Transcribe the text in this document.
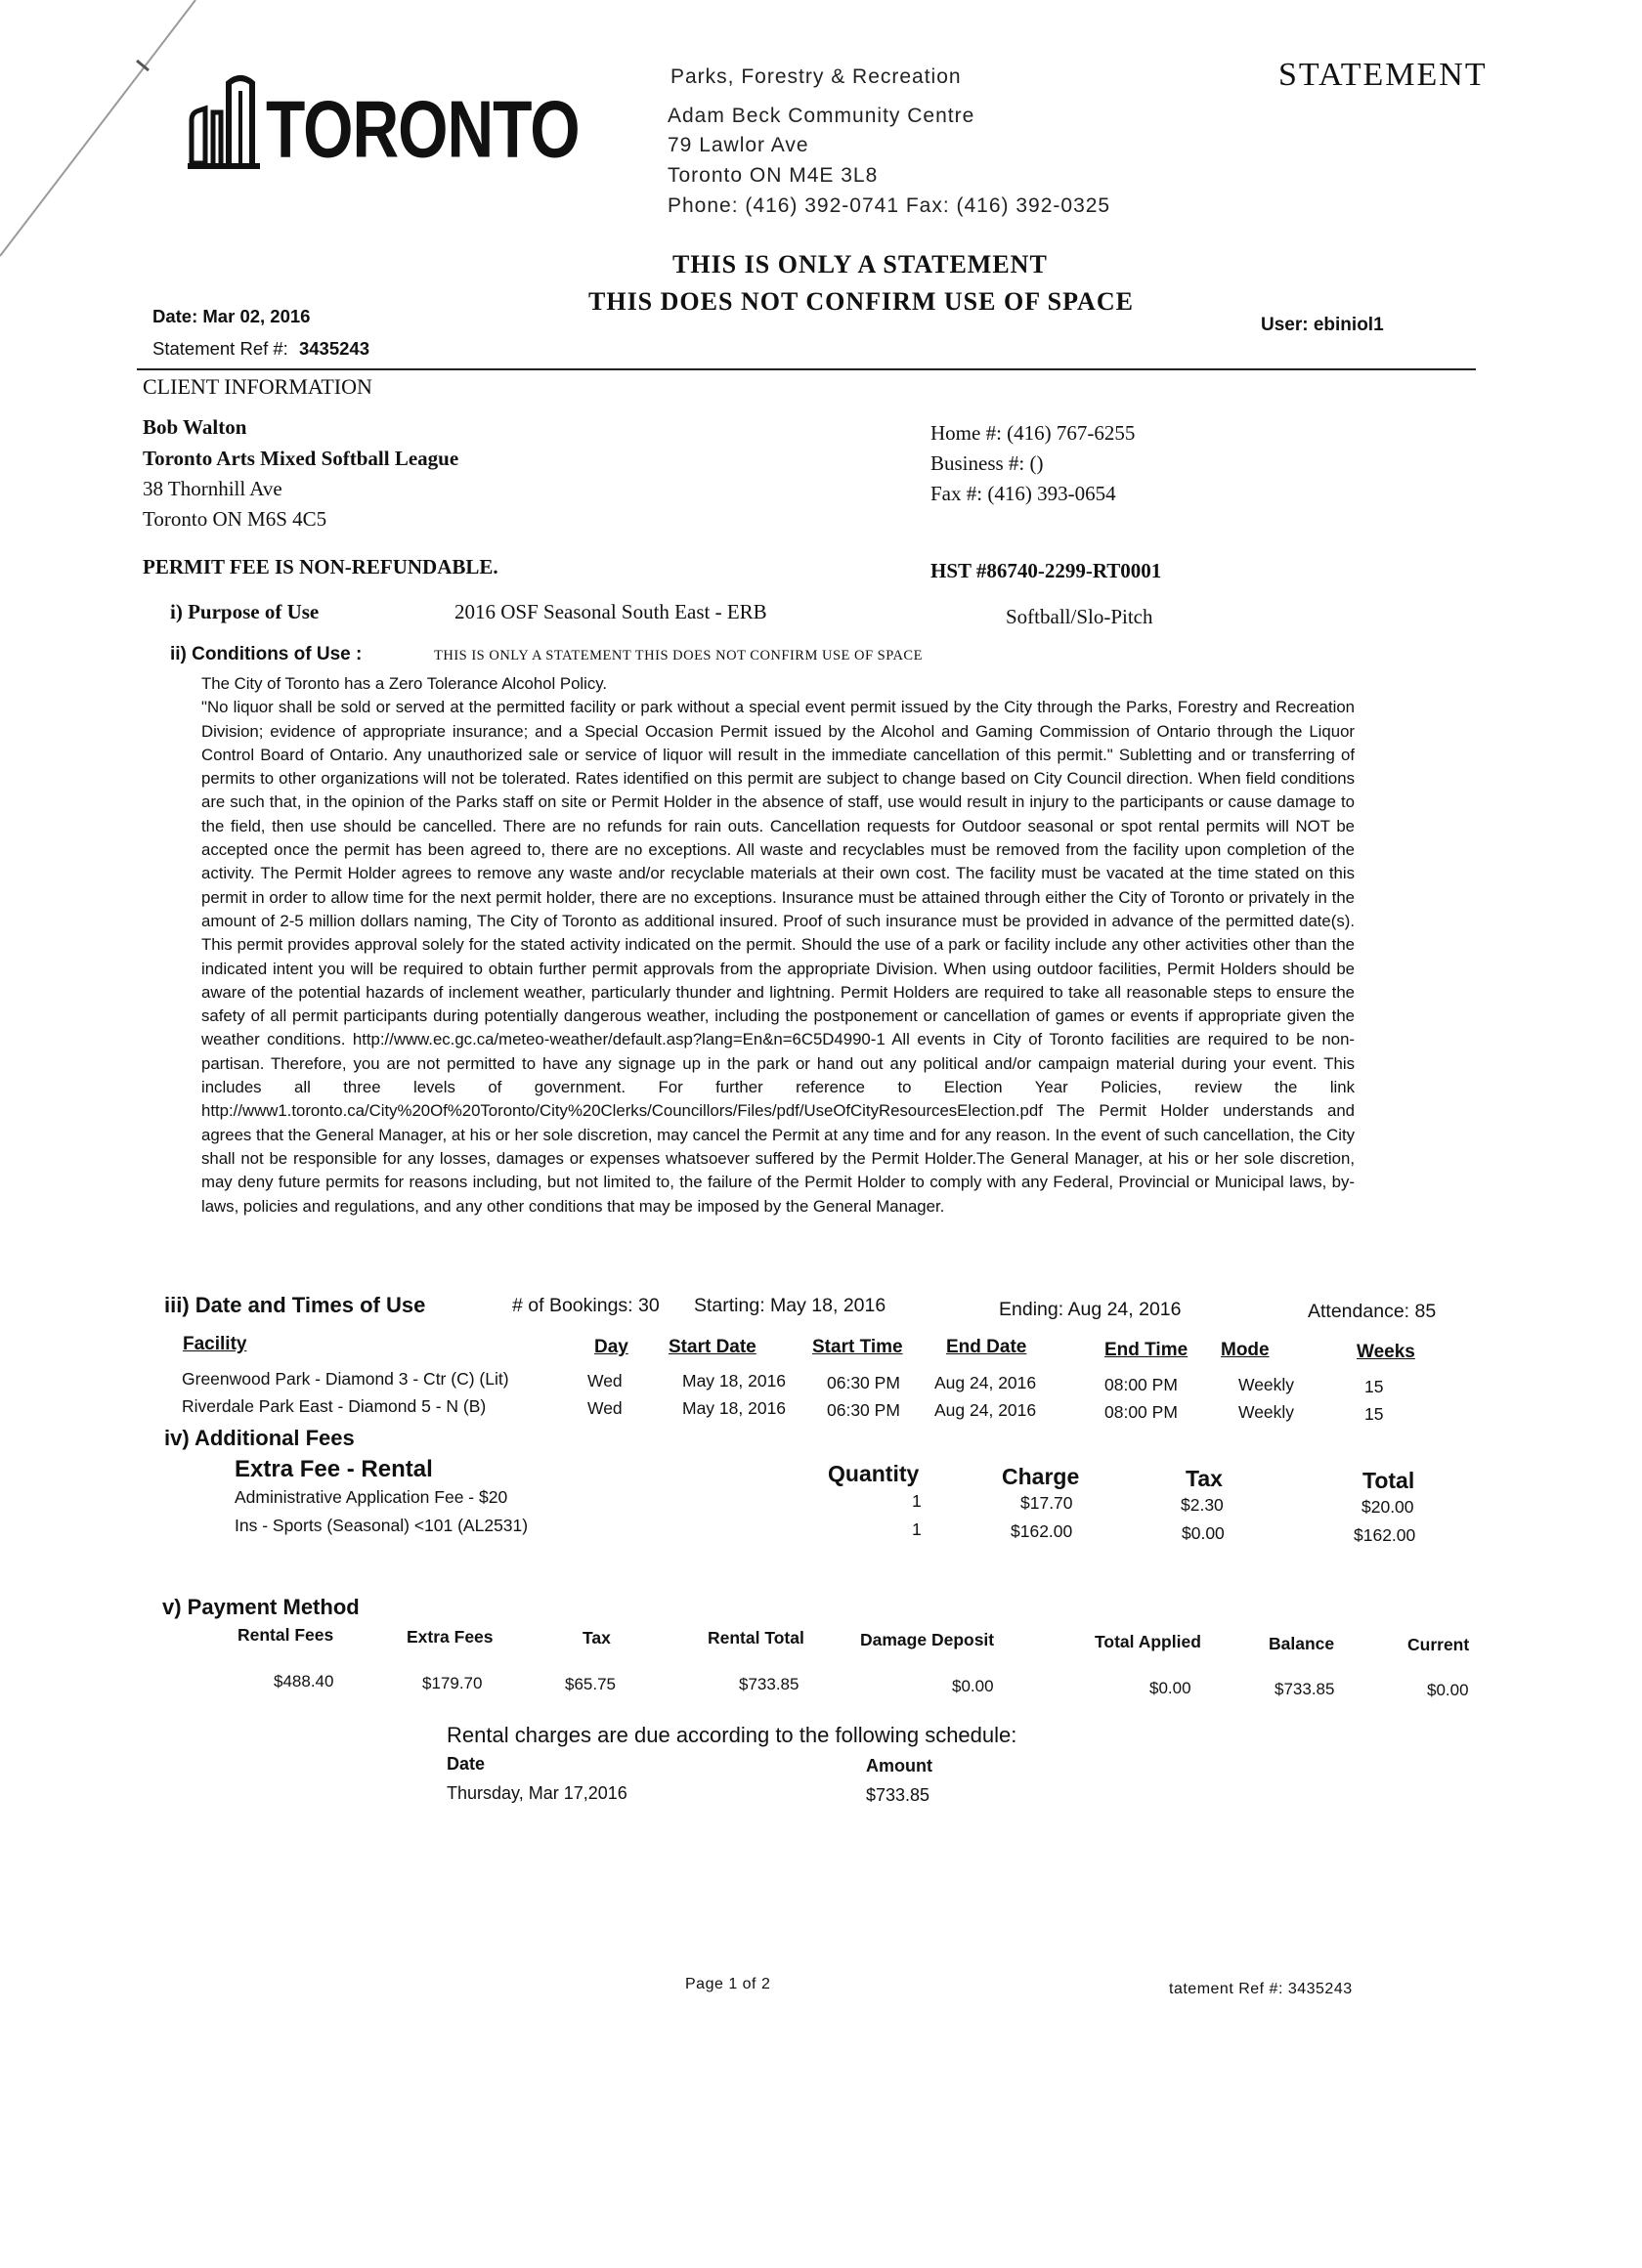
TORONTO
Parks, Forestry & Recreation
Adam Beck Community Centre
79 Lawlor Ave
Toronto ON M4E 3L8
Phone: (416) 392-0741 Fax: (416) 392-0325
STATEMENT
THIS IS ONLY A STATEMENT
THIS DOES NOT CONFIRM USE OF SPACE
Date: Mar 02, 2016
Statement Ref #: 3435243
User: ebiniol1
CLIENT INFORMATION
Bob Walton
Toronto Arts Mixed Softball League
38 Thornhill Ave
Toronto ON M6S 4C5
Home #: (416) 767-6255
Business #: ()
Fax #: (416) 393-0654
PERMIT FEE IS NON-REFUNDABLE.	HST #86740-2299-RT0001
i) Purpose of Use	2016 OSF Seasonal South East - ERB	Softball/Slo-Pitch
ii) Conditions of Use :	THIS IS ONLY A STATEMENT THIS DOES NOT CONFIRM USE OF SPACE

The City of Toronto has a Zero Tolerance Alcohol Policy.

"No liquor shall be sold or served at the permitted facility or park without a special event permit issued by the City through the Parks, Forestry and Recreation Division; evidence of appropriate insurance; and a Special Occasion Permit issued by the Alcohol and Gaming Commission of Ontario through the Liquor Control Board of Ontario. Any unauthorized sale or service of liquor will result in the immediate cancellation of this permit." Subletting and or transferring of permits to other organizations will not be tolerated. Rates identified on this permit are subject to change based on City Council direction. When field conditions are such that, in the opinion of the Parks staff on site or Permit Holder in the absence of staff, use would result in injury to the participants or cause damage to the field, then use should be cancelled. There are no refunds for rain outs. Cancellation requests for Outdoor seasonal or spot rental permits will NOT be accepted once the permit has been agreed to, there are no exceptions. All waste and recyclables must be removed from the facility upon completion of the activity. The Permit Holder agrees to remove any waste and/or recyclable materials at their own cost. The facility must be vacated at the time stated on this permit in order to allow time for the next permit holder, there are no exceptions. Insurance must be attained through either the City of Toronto or privately in the amount of 2-5 million dollars naming, The City of Toronto as additional insured. Proof of such insurance must be provided in advance of the permitted date(s). This permit provides approval solely for the stated activity indicated on the permit. Should the use of a park or facility include any other activities other than the indicated intent you will be required to obtain further permit approvals from the appropriate Division. When using outdoor facilities, Permit Holders should be aware of the potential hazards of inclement weather, particularly thunder and lightning. Permit Holders are required to take all reasonable steps to ensure the safety of all permit participants during potentially dangerous weather, including the postponement or cancellation of games or events if appropriate given the weather conditions. http://www.ec.gc.ca/meteo-weather/default.asp?lang=En&n=6C5D4990-1 All events in City of Toronto facilities are required to be non-partisan. Therefore, you are not permitted to have any signage up in the park or hand out any political and/or campaign material during your event. This includes all three levels of government. For further reference to Election Year Policies, review the link http://www1.toronto.ca/City%20Of%20Toronto/City%20Clerks/Councillors/Files/pdf/UseOfCityResourcesElection.pdf The Permit Holder understands and agrees that the General Manager, at his or her sole discretion, may cancel the Permit at any time and for any reason. In the event of such cancellation, the City shall not be responsible for any losses, damages or expenses whatsoever suffered by the Permit Holder.The General Manager, at his or her sole discretion, may deny future permits for reasons including, but not limited to, the failure of the Permit Holder to comply with any Federal, Provincial or Municipal laws, by-laws, policies and regulations, and any other conditions that may be imposed by the General Manager.

iii) Date and Times of Use	# of Bookings: 30 Starting: May 18, 2016	Ending: Aug 24, 2016	Attendance: 85
Facility	Day Start Date	Start Time End Date	End Time Mode	Weeks
Greenwood Park - Diamond 3 - Ctr (C) (Lit)	Wed	May 18, 2016 06:30 PM Aug 24, 2016	08:00 PM	Weekly	15
Riverdale Park East - Diamond 5 - N (B)	Wed	May 18, 2016 06:30 PM Aug 24, 2016	08:00 PM	Weekly	15
iv) Additional Fees
Extra Fee - Rental	Quantity	Charge	Tax	Total
Administrative Application Fee - $20	1	$17.70	$2.30	$20.00
Ins - Sports (Seasonal) <101 (AL2531)	1	$162.00	$0.00	$162.00
v) Payment Method
Rental Fees	Extra Fees	Tax	Rental Total	Damage Deposit	Total Applied	Balance	Current
$488.40	$179.70	$65.75	$733.85	$0.00	$0.00	$733.85	$0.00
Rental charges are due according to the following schedule:
Date	Amount
Thursday, Mar 17,2016	$733.85
Page 1 of 2	tatement Ref #: 3435243
